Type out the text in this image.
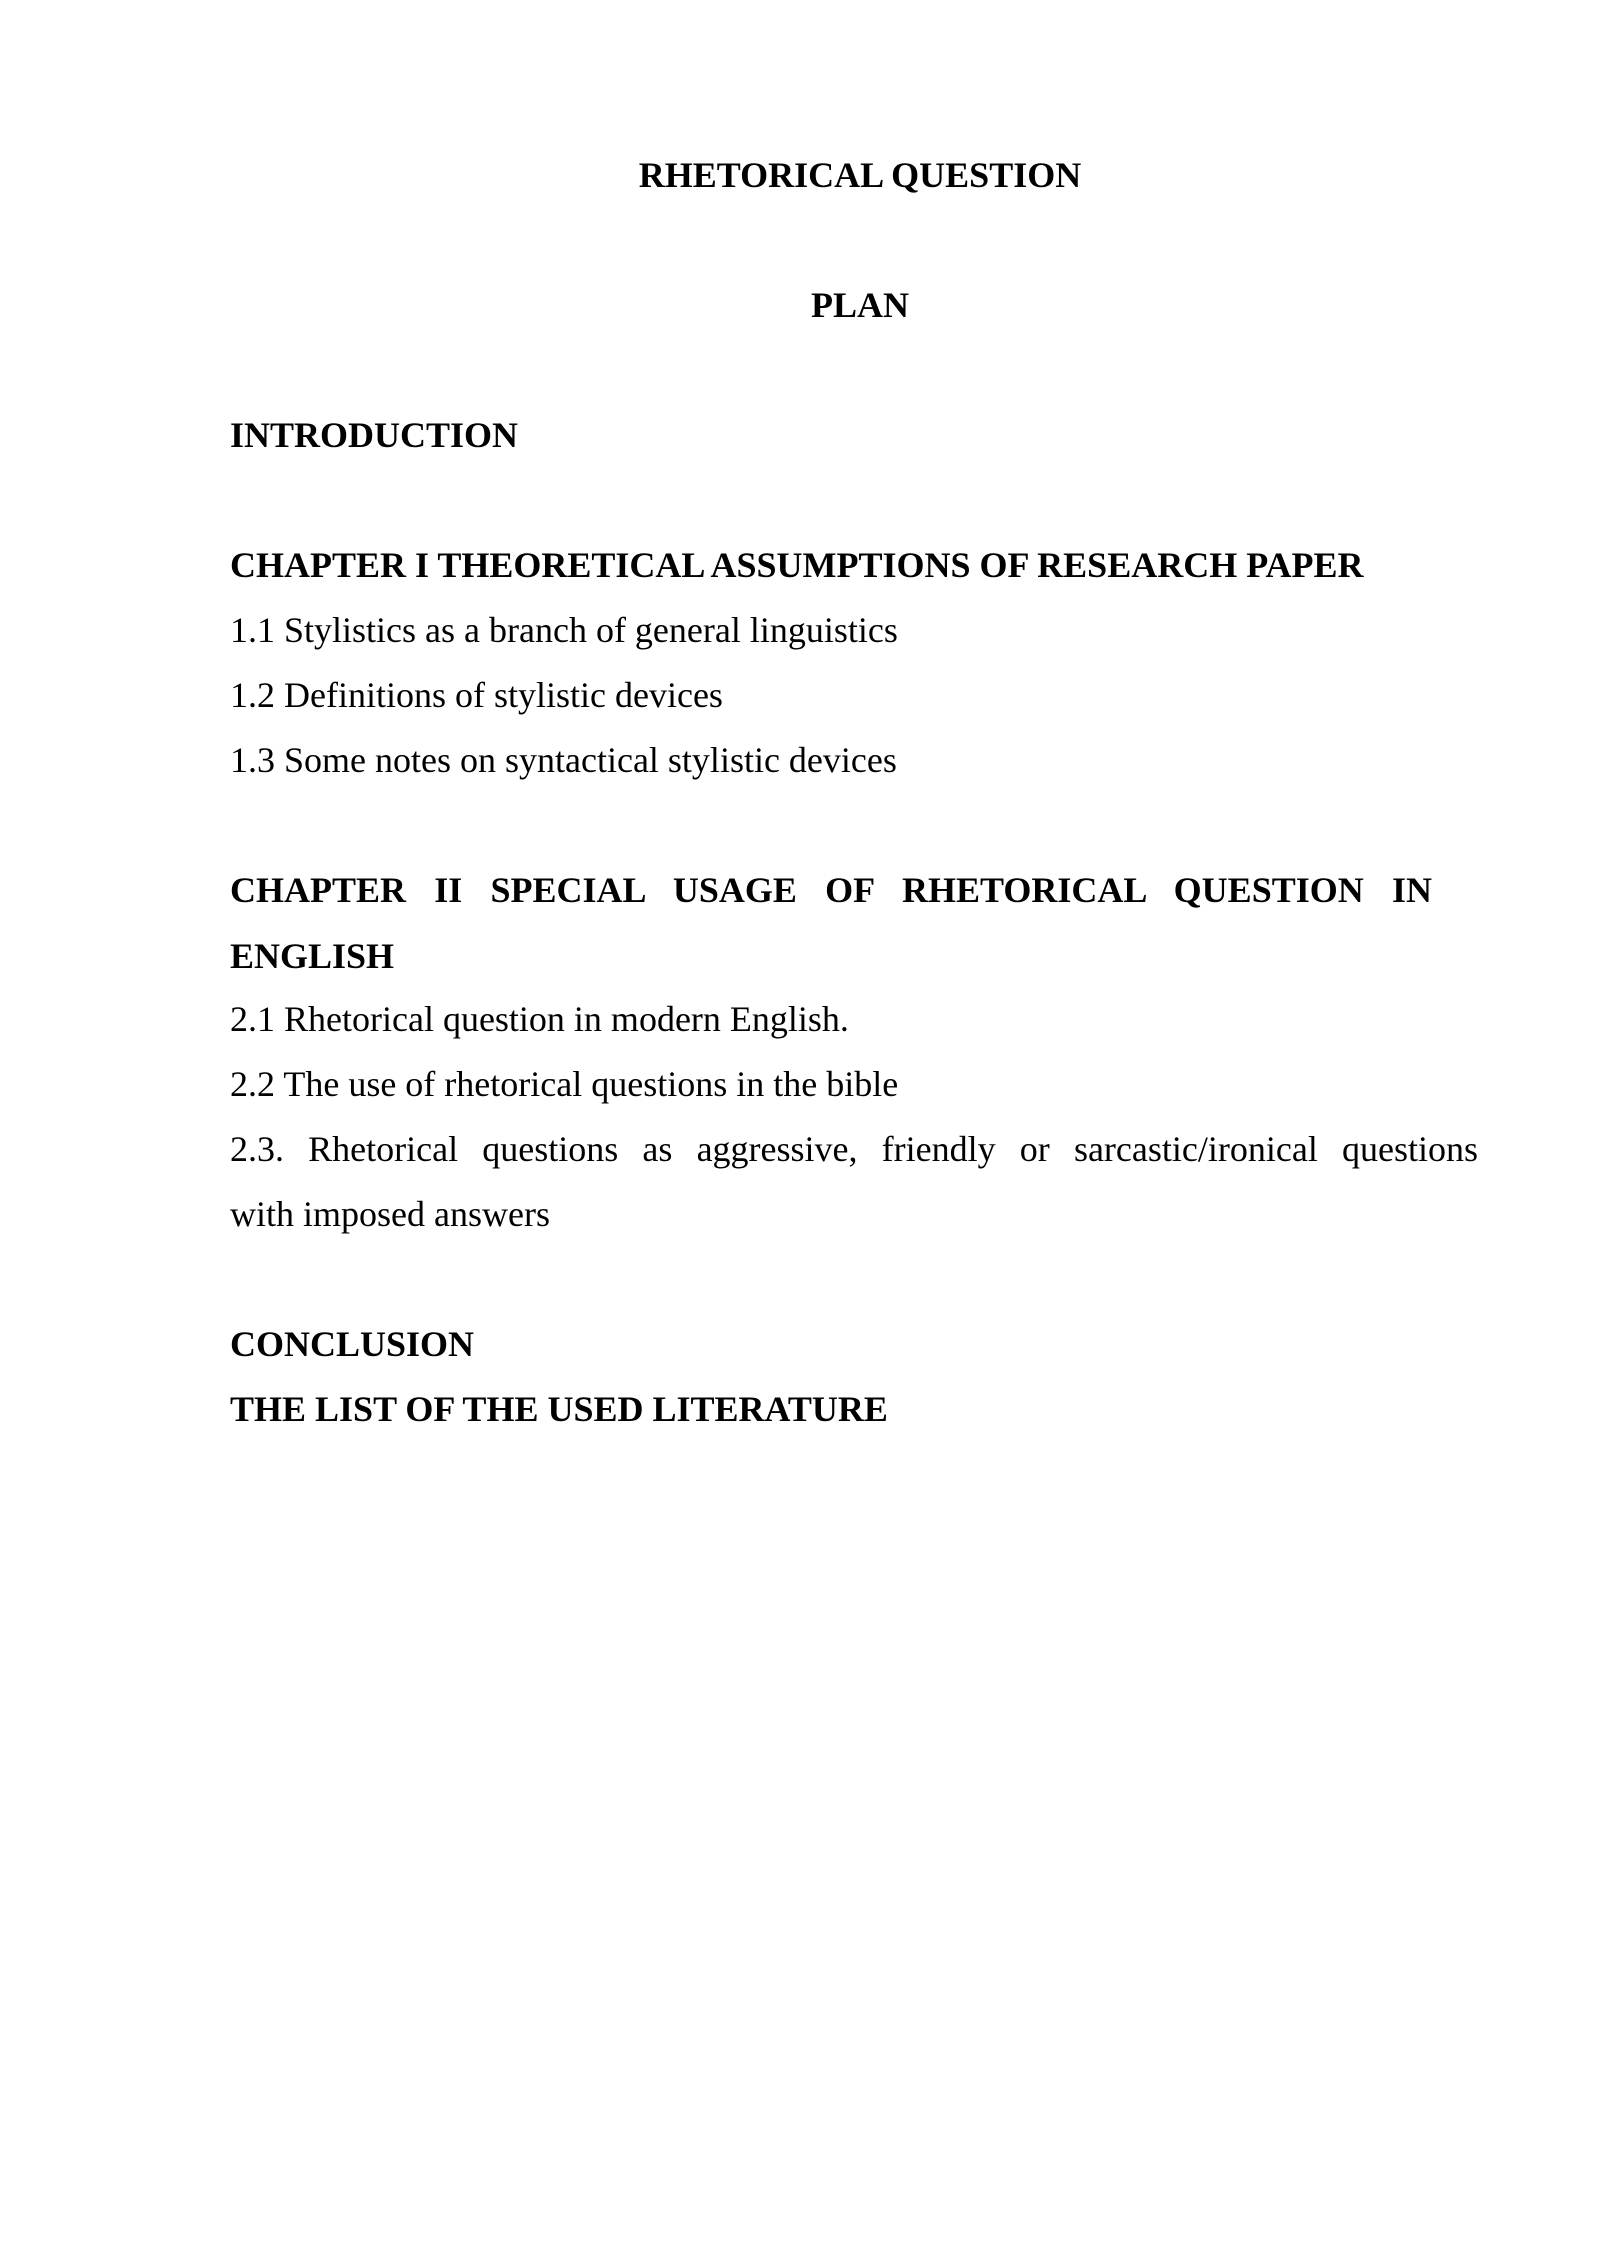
RHETORICAL QUESTION
PLAN
INTRODUCTION
CHAPTER I THEORETICAL ASSUMPTIONS OF RESEARCH PAPER
1.1 Stylistics as a branch of general linguistics
1.2 Definitions of stylistic devices
1.3 Some notes on syntactical stylistic devices
CHAPTER II SPECIAL USAGE OF RHETORICAL QUESTION IN
ENGLISH
2.1 Rhetorical question in modern English.
2.2 The use of rhetorical questions in the bible
2.3. Rhetorical questions as aggressive, friendly or sarcastic/ironical questions
with imposed answers
CONCLUSION
THE LIST OF THE USED LITERATURE
